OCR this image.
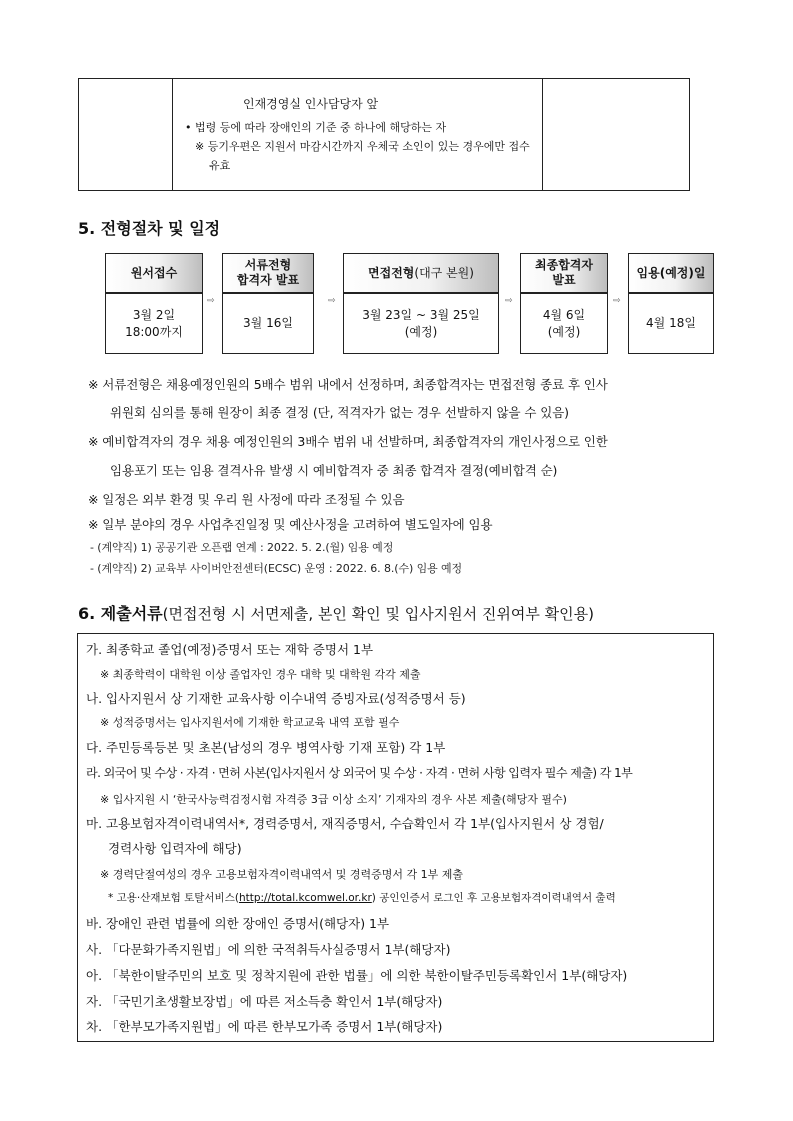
인재경영실 인사담당자 앞
• 법령 등에 따라 장애인의 기준 중 하나에 해당하는 자
※ 등기우편은 지원서 마감시간까지 우체국 소인이 있는 경우에만 접수
유효
5. 전형절차 및 일정
원서접수
3월 2일
18:00까지
⇨
서류전형
합격자 발표
3월 16일
⇨
면접전형(대구 본원)
3월 23일 ~ 3월 25일
(예정)
⇨
최종합격자
발표
4월 6일
(예정)
⇨
임용(예정)일
4월 18일
※ 서류전형은 채용예정인원의 5배수 범위 내에서 선정하며, 최종합격자는 면접전형 종료 후 인사
위원회 심의를 통해 원장이 최종 결정 (단, 적격자가 없는 경우 선발하지 않을 수 있음)
※ 예비합격자의 경우 채용 예정인원의 3배수 범위 내 선발하며, 최종합격자의 개인사정으로 인한
임용포기 또는 임용 결격사유 발생 시 예비합격자 중 최종 합격자 결정(예비합격 순)
※ 일정은 외부 환경 및 우리 원 사정에 따라 조정될 수 있음
※ 일부 분야의 경우 사업추진일정 및 예산사정을 고려하여 별도일자에 임용
- (계약직) 1) 공공기관 오픈랩 연계 : 2022. 5. 2.(월) 임용 예정
- (계약직) 2) 교육부 사이버안전센터(ECSC) 운영 : 2022. 6. 8.(수) 임용 예정
6. 제출서류(면접전형 시 서면제출, 본인 확인 및 입사지원서 진위여부 확인용)
가. 최종학교 졸업(예정)증명서 또는 재학 증명서 1부
※ 최종학력이 대학원 이상 졸업자인 경우 대학 및 대학원 각각 제출
나. 입사지원서 상 기재한 교육사항 이수내역 증빙자료(성적증명서 등)
※ 성적증명서는 입사지원서에 기재한 학교교육 내역 포함 필수
다. 주민등록등본 및 초본(남성의 경우 병역사항 기재 포함) 각 1부
라. 외국어 및 수상 · 자격 · 면허 사본(입사지원서 상 외국어 및 수상 · 자격 · 면허 사항 입력자 필수 제출) 각 1부
※ 입사지원 시 ‘한국사능력검정시험 자격증 3급 이상 소지’ 기재자의 경우 사본 제출(해당자 필수)
마. 고용보험자격이력내역서*, 경력증명서, 재직증명서, 수습확인서 각 1부(입사지원서 상 경험/
경력사항 입력자에 해당)
※ 경력단절여성의 경우 고용보험자격이력내역서 및 경력증명서 각 1부 제출
* 고용·산재보험 토탈서비스(http://total.kcomwel.or.kr) 공인인증서 로그인 후 고용보험자격이력내역서 출력
바. 장애인 관련 법률에 의한 장애인 증명서(해당자) 1부
사. 「다문화가족지원법」에 의한 국적취득사실증명서 1부(해당자)
아. 「북한이탈주민의 보호 및 정착지원에 관한 법률」에 의한 북한이탈주민등록확인서 1부(해당자)
자. 「국민기초생활보장법」에 따른 저소득층 확인서 1부(해당자)
차. 「한부모가족지원법」에 따른 한부모가족 증명서 1부(해당자)
